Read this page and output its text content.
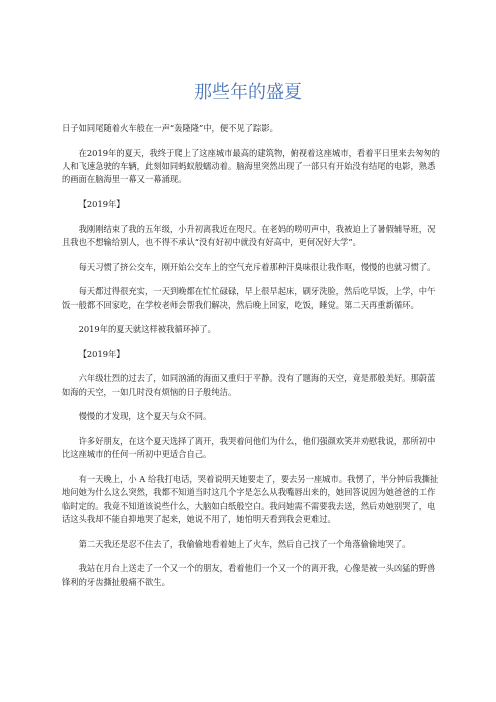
那些年的盛夏

日子如同尾随着火车般在一声“轰隆隆”中，便不见了踪影。

在2019年的夏天，我终于爬上了这座城市最高的建筑物，俯视着这座城市，看着平日里来去匆匆的人和飞速急驶的车辆，此刻如同蚂蚁般蠕动着。脑海里突然出现了一部只有开始没有结尾的电影，熟悉的画面在脑海里一幕又一幕涌现。

【2019年】

我刚刚结束了我的五年级，小升初离我近在咫尺。在老妈的唠叨声中，我被迫上了暑假辅导班，况且我也不想输给别人，也不得不承认“没有好初中就没有好高中，更何况好大学”。

每天习惯了挤公交车，刚开始公交车上的空气充斥着那种汗臭味很让我作呕，慢慢的也就习惯了。

每天都过得很充实，一天到晚都在忙忙碌碌，早上很早起床，刷牙洗脸，然后吃早饭，上学，中午饭一般都不回家吃，在学校老师会帮我们解决，然后晚上回家，吃饭，睡觉。第二天再重新循环。

2019年的夏天就这样被我循环掉了。

【2019年】

六年级壮烈的过去了，如同汹涌的海面又重归于平静。没有了题海的天空，竟是那般美好。那蔚蓝如海的天空，一如几时没有烦恼的日子般纯洁。

慢慢的才发现，这个夏天与众不同。

许多好朋友，在这个夏天选择了离开，我哭着问他们为什么，他们强颜欢笑并劝慰我说，那所初中比这座城市的任何一所初中更适合自己。

有一天晚上，小 A 给我打电话，哭着说明天她要走了，要去另一座城市。我愣了，半分钟后我撕扯地问她为什么这么突然，我都不知道当时这几个字是怎么从我嘴唇出来的，她回答说因为她爸爸的工作临时定的。我竟不知道该说些什么，大脑如白纸般空白。我问她需不需要我去送，然后劝她别哭了，电话这头我却不能自抑地哭了起来，她说不用了，她怕明天看到我会更难过。

第二天我还是忍不住去了，我偷偷地看着她上了火车，然后自己找了一个角落偷偷地哭了。

我站在月台上送走了一个又一个的朋友，看着他们一个又一个的离开我，心像是被一头凶猛的野兽锋利的牙齿撕扯般痛不欲生。
